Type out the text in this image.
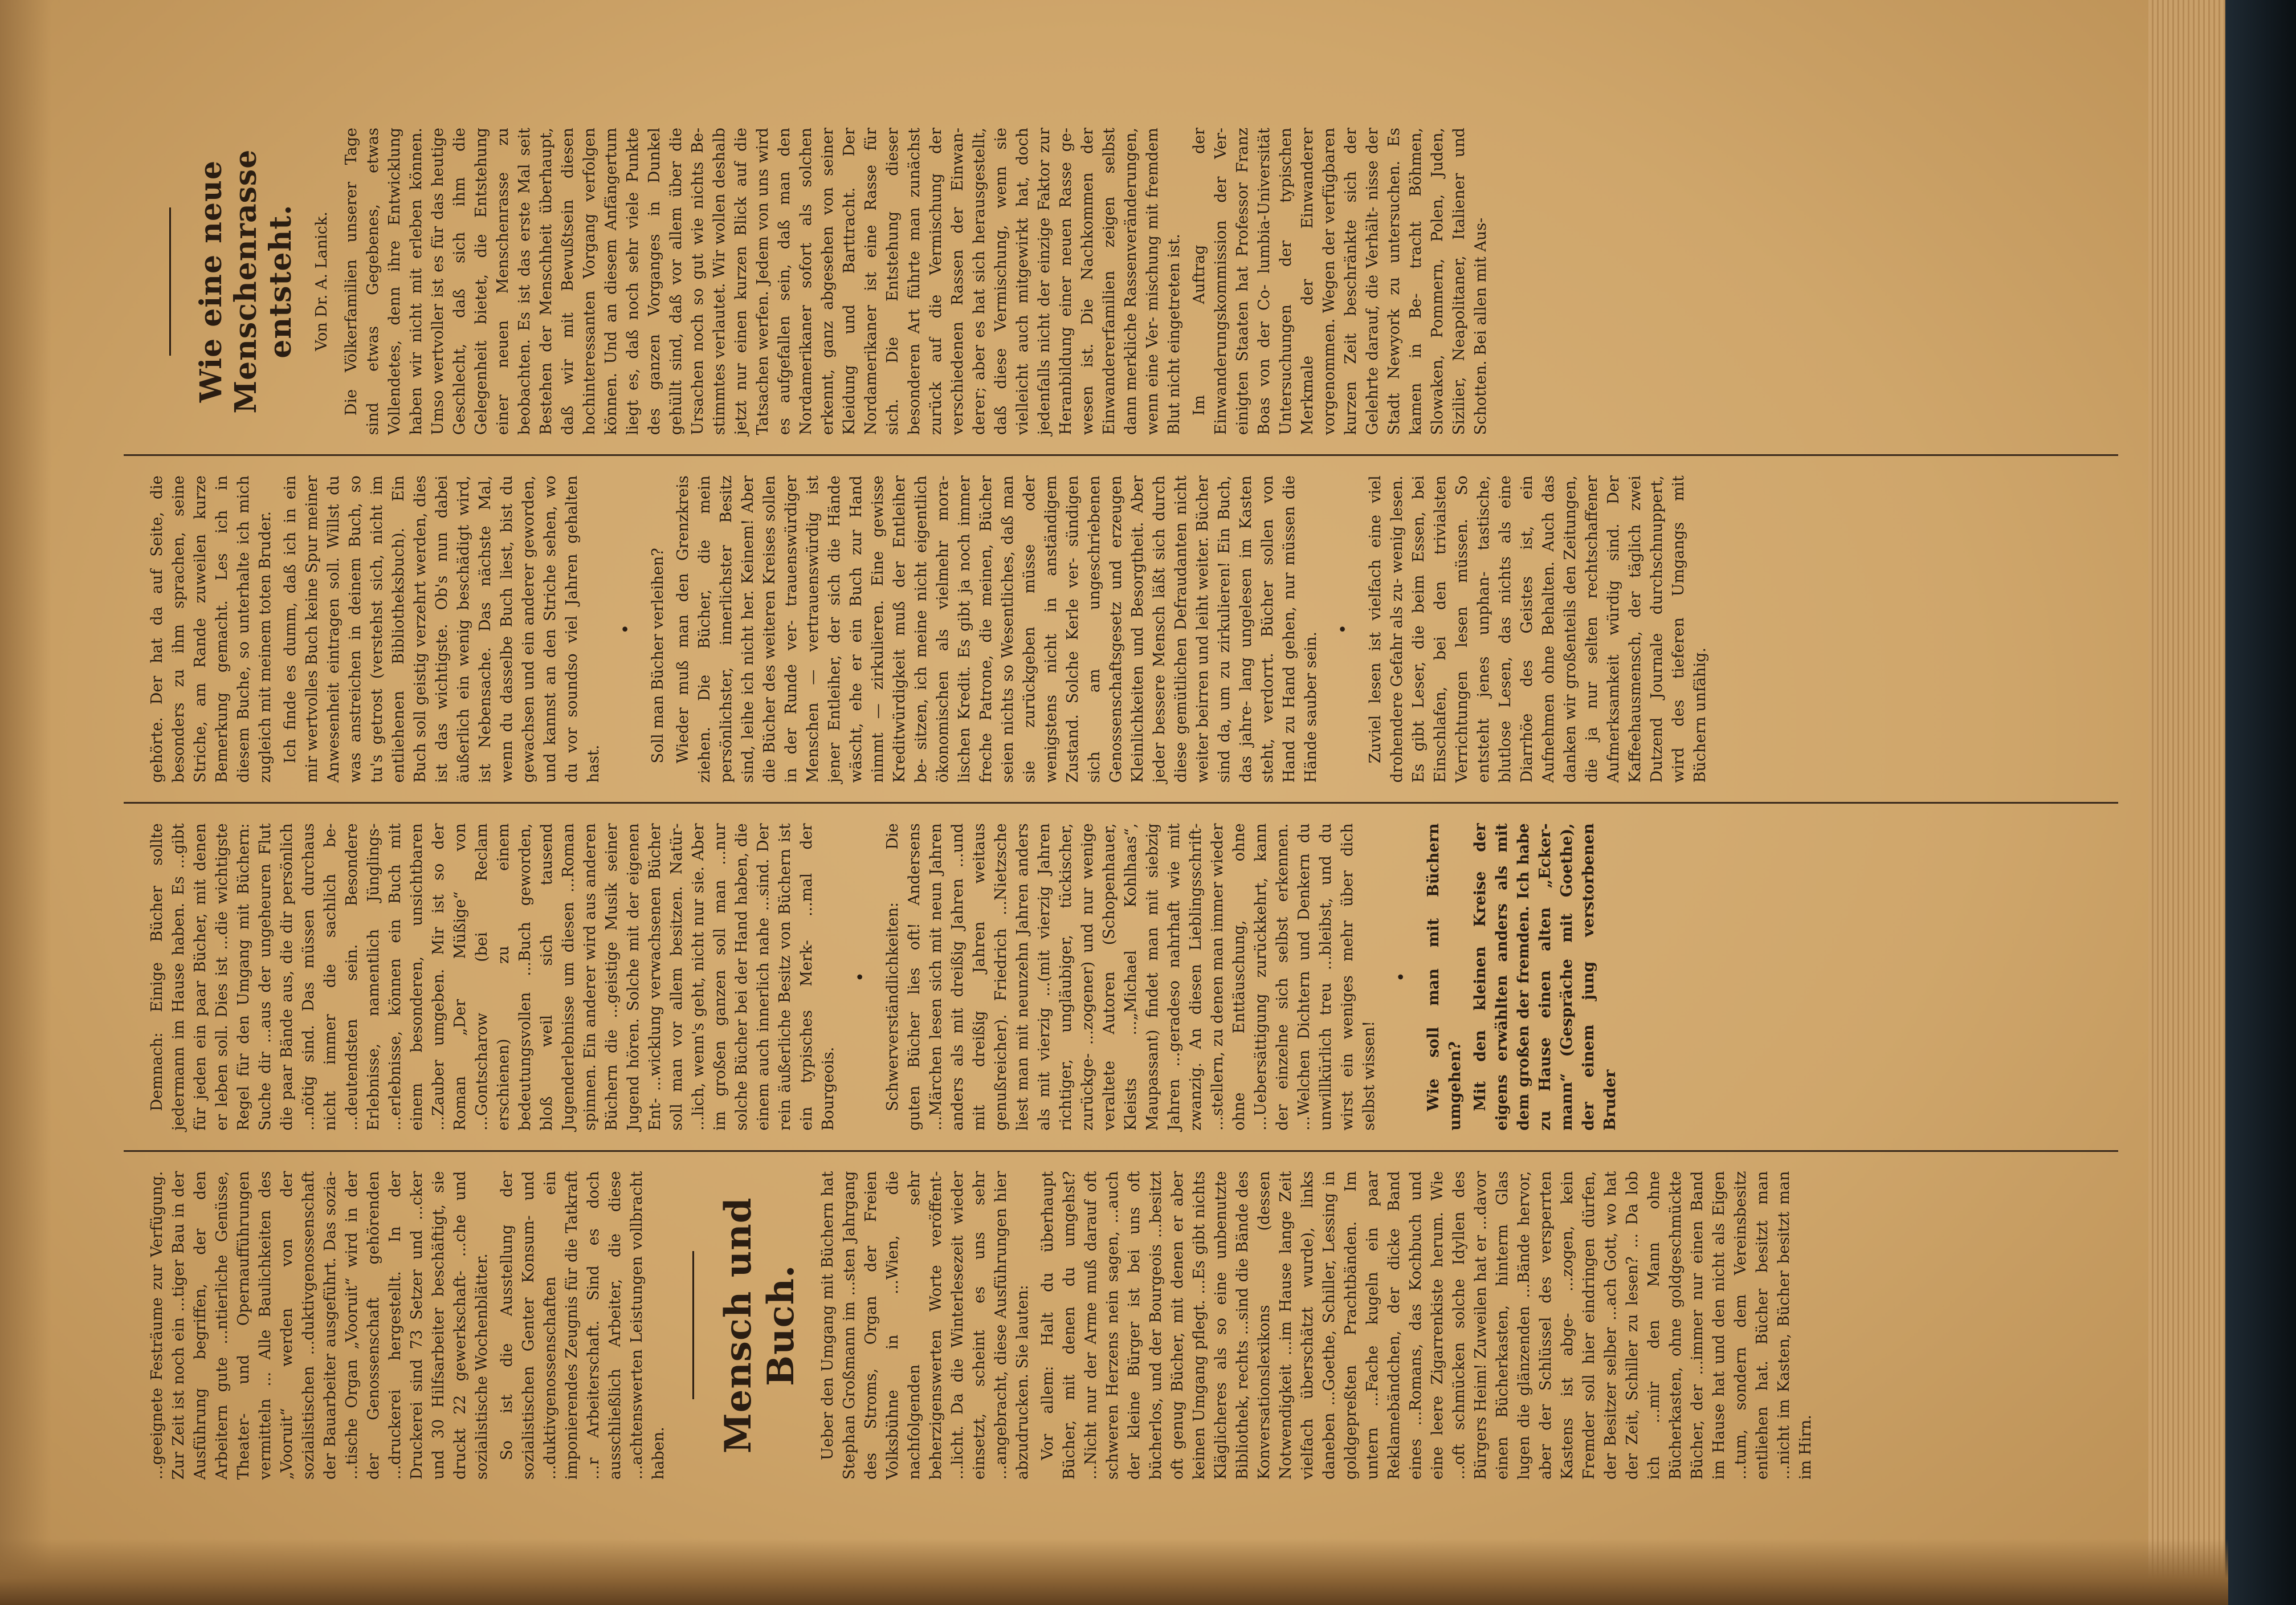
...geeignete Festräume zur Verfügung. Zur Zeit ist noch ein ...tiger Bau in der Ausführung begriffen, der den Arbeitern gute ...ntierliche Genüsse, Theater- und Opernaufführungen vermitteln ... Alle Baulichkeiten des „Vooruit“ werden von der sozialistischen ...duktivgenossenschaft der Bauarbeiter ausgeführt. Das sozia- ...tische Organ „Vooruit“ wird in der der Genossenschaft gehörenden ...druckerei hergestellt. In der Druckerei sind 73 Setzer und ...cker und 30 Hilfsarbeiter beschäftigt, sie druckt 22 gewerkschaft- ...che und sozialistische Wochenblätter. So ist die Ausstellung der sozialistischen Genter Konsum- und ...duktivgenossenschaften ein imponierendes Zeugnis für die Tatkraft ...r Arbeiterschaft. Sind es doch ausschließlich Arbeiter, die diese ...achtenswerten Leistungen vollbracht haben. Mensch und Buch. Ueber den Umgang mit Büchern hat Stephan Großmann im ...sten Jahrgang des Stroms, Organ der Freien Volksbühne in ...Wien, die nachfolgenden sehr beherzigenswerten Worte veröffent- ...licht. Da die Winterlesezeit wieder einsetzt, scheint es uns sehr ...angebracht, diese Ausführungen hier abzudrucken. Sie lauten: Vor allem: Halt du überhaupt Bücher, mit denen du umgehst? ...Nicht nur der Arme muß darauf oft schweren Herzens nein sagen, ...auch der kleine Bürger ist bei uns oft bücherlos, und der Bourgeois ...besitzt oft genug Bücher, mit denen er aber keinen Umgang pflegt. ...Es gibt nichts Kläglicheres als so eine unbenutzte Bibliothek, rechts ...sind die Bände des Konversationslexikons (dessen Notwendigkeit ...im Hause lange Zeit vielfach überschätzt wurde), links daneben ...Goethe, Schiller, Lessing in goldgepreßten Prachtbänden. Im untern ...Fache kugeln ein paar Reklamebändchen, der dicke Band eines ...Romans, das Kochbuch und eine leere Zigarrenkiste herum. Wie ...oft schmücken solche Idyllen des Bürgers Heim! Zuweilen hat er ...davor einen Bücherkasten, hinterm Glas lugen die glänzenden ...Bände hervor, aber der Schlüssel des versperrten Kastens ist abge- ...zogen, kein Fremder soll hier eindringen dürfen, der Besitzer selber ...ach Gott, wo hat der Zeit, Schiller zu lesen? ... Da lob ich ...mir den Mann ohne Bücherkasten, ohne goldgeschmückte Bücher, der ...immer nur einen Band im Hause hat und den nicht als Eigen ...tum, sondern dem Vereinsbesitz entliehen hat. Bücher besitzt man ...nicht im Kasten, Bücher besitzt man im Hirn.

Demnach: Einige Bücher sollte jedermann im Hause haben. Es ...gibt für jeden ein paar Bücher, mit denen er leben soll. Dies ist ...die wichtigste Regel für den Umgang mit Büchern: Suche dir ...aus der ungeheuren Flut die paar Bände aus, die dir persönlich ...nötig sind. Das müssen durchaus nicht immer die sachlich be- ...deutendsten sein. Besondere Erlebnisse, namentlich Jünglings- ...erlebnisse, können ein Buch mit einem besonderen, unsichtbaren ...Zauber umgeben. Mir ist so der Roman „Der Müßige“ von ...Gontscharow (bei Reclam erschienen) zu einem bedeutungsvollen ...Buch geworden, bloß weil sich tausend Jugenderlebnisse um diesen ...Roman spinnen. Ein anderer wird aus anderen Büchern die ...geistige Musik seiner Jugend hören. Solche mit der eigenen Ent- ...wicklung verwachsenen Bücher soll man vor allem besitzen. Natür- ...lich, wenn's geht, nicht nur sie. Aber im großen ganzen soll man ...nur solche Bücher bei der Hand haben, die einem auch innerlich nahe ...sind. Der rein äußerliche Besitz von Büchern ist ein typisches Merk- ...mal der Bourgeois.

• Schwerverständlichkeiten: Die guten Bücher lies oft! Andersens ...Märchen lesen sich mit neun Jahren anders als mit dreißig Jahren ...und mit dreißig Jahren weitaus genußreicher). Friedrich ...Nietzsche liest man mit neunzehn Jahren anders als mit vierzig ...(mit vierzig Jahren richtiger, ungläubiger, tückischer, zurückge- ...zogener) und nur wenige veraltete Autoren (Schopenhauer, Kleists ...„Michael Kohlhaas“, Maupassant) findet man mit siebzig Jahren ...geradeso nahrhaft wie mit zwanzig. An diesen Lieblingsschrift- ...stellern, zu denen man immer wieder ohne Enttäuschung, ohne ...Uebersättigung zurückkehrt, kann der einzelne sich selbst erkennen. ...Welchen Dichtern und Denkern du unwillkürlich treu ...bleibst, und du wirst ein weniges mehr über dich selbst wissen!

• Wie soll man mit Büchern umgehen? Mit den kleinen Kreise der eigens erwählten anders als mit dem großen der fremden. Ich habe zu Hause einen alten „Ecker- mann“ (Gespräche mit Goethe), der einem jung verstorbenen Bruder

gehörte. Der hat da auf Seite, die besonders zu ihm sprachen, seine Striche, am Rande zuweilen kurze Bemerkung gemacht. Les ich in diesem Buche, so unterhalte ich mich zugleich mit meinem toten Bruder. Ich finde es dumm, daß ich in ein mir wertvolles Buch keine Spur meiner Anwesenheit eintragen soll. Willst du was anstreichen in deinem Buch, so tu's getrost (verstehst sich, nicht im entliehenen Bibliotheksbuch). Ein Buch soll geistig verzehrt werden, dies ist das wichtigste. Ob's nun dabei äußerlich ein wenig beschädigt wird, ist Nebensache. Das nächste Mal, wenn du dasselbe Buch liest, bist du gewachsen und ein anderer geworden, und kannst an den Striche sehen, wo du vor soundso viel Jahren gehalten hast.

• Soll man Bücher verleihen? Wieder muß man den Grenzkreis ziehen. Die Bücher, die mein persönlichster, innerlichster Besitz sind, leihe ich nicht her. Keinem! Aber die Bücher des weiteren Kreises sollen in der Runde ver- trauenswürdiger Menschen — vertrauenswürdig ist jener Entleiher, der sich die Hände wäscht, ehe er ein Buch zur Hand nimmt — zirkulieren. Eine gewisse Kreditwürdigkeit muß der Entleiher be- sitzen, ich meine nicht eigentlich ökonomischen als vielmehr mora- lischen Kredit. Es gibt ja noch immer freche Patrone, die meinen, Bücher seien nichts so Wesentliches, daß man sie zurückgeben müsse oder wenigstens nicht in anständigem Zustand. Solche Kerle ver- sündigen sich am ungeschriebenen Genossenschaftsgesetz und erzeugen Kleinlichkeiten und Besorgtheit. Aber jeder bessere Mensch läßt sich durch diese gemütlichen Defraudanten nicht weiter beirren und leiht weiter. Bücher sind da, um zu zirkulieren! Ein Buch, das jahre- lang ungelesen im Kasten steht, verdorrt. Bücher sollen von Hand zu Hand gehen, nur müssen die Hände sauber sein.

• Zuviel lesen ist vielfach eine viel drohendere Gefahr als zu- wenig lesen. Es gibt Leser, die beim Essen, bei Einschlafen, bei den trivialsten Verrichtungen lesen müssen. So entsteht jenes unphan- tastische, blutlose Lesen, das nichts als eine Diarrhöe des Geistes ist, ein Aufnehmen ohne Behalten. Auch das danken wir großenteils den Zeitungen, die ja nur selten rechtschaffener Aufmerksamkeit würdig sind. Der Kaffeehausmensch, der täglich zwei Dutzend Journale durchschnuppert, wird des tieferen Umgangs mit Büchern unfähig.

Wie eine neue Menschenrasse entsteht. Von Dr. A. Lanick. Die Völkerfamilien unserer Tage sind etwas Gegebenes, etwas Vollendetes, denn ihre Entwicklung haben wir nicht mit erleben können. Umso wertvoller ist es für das heutige Geschlecht, daß sich ihm die Gelegenheit bietet, die Entstehung einer neuen Menschenrasse zu beobachten. Es ist das erste Mal seit Bestehen der Menschheit überhaupt, daß wir mit Bewußtsein diesen hochinteressanten Vorgang verfolgen können. Und an diesem Anfängertum liegt es, daß noch sehr viele Punkte des ganzen Vorganges in Dunkel gehüllt sind, daß vor allem über die Ursachen noch so gut wie nichts Be- stimmtes verlautet. Wir wollen deshalb jetzt nur einen kurzen Blick auf die Tatsachen werfen. Jedem von uns wird es aufgefallen sein, daß man den Nordamerikaner sofort als solchen erkennt, ganz abgesehen von seiner Kleidung und Barttracht. Der Nordamerikaner ist eine Rasse für sich. Die Entstehung dieser besonderen Art führte man zunächst zurück auf die Vermischung der verschiedenen Rassen der Einwan- derer; aber es hat sich herausgestellt, daß diese Vermischung, wenn sie vielleicht auch mitgewirkt hat, doch jedenfalls nicht der einzige Faktor zur Heranbildung einer neuen Rasse ge- wesen ist. Die Nachkommen der Einwandererfamilien zeigen selbst dann merkliche Rassenveränderungen, wenn eine Ver- mischung mit fremdem Blut nicht eingetreten ist. Im Auftrag der Einwanderungskommission der Ver- einigten Staaten hat Professor Franz Boas von der Co- lumbia-Universität Untersuchungen der typischen Merkmale der Einwanderer vorgenommen. Wegen der verfügbaren kurzen Zeit beschränkte sich der Gelehrte darauf, die Verhält- nisse der Stadt Newyork zu untersuchen. Es kamen in Be- tracht Böhmen, Slowaken, Pommern, Polen, Juden, Sizilier, Neapolitaner, Italiener und Schotten. Bei allen mit Aus-
